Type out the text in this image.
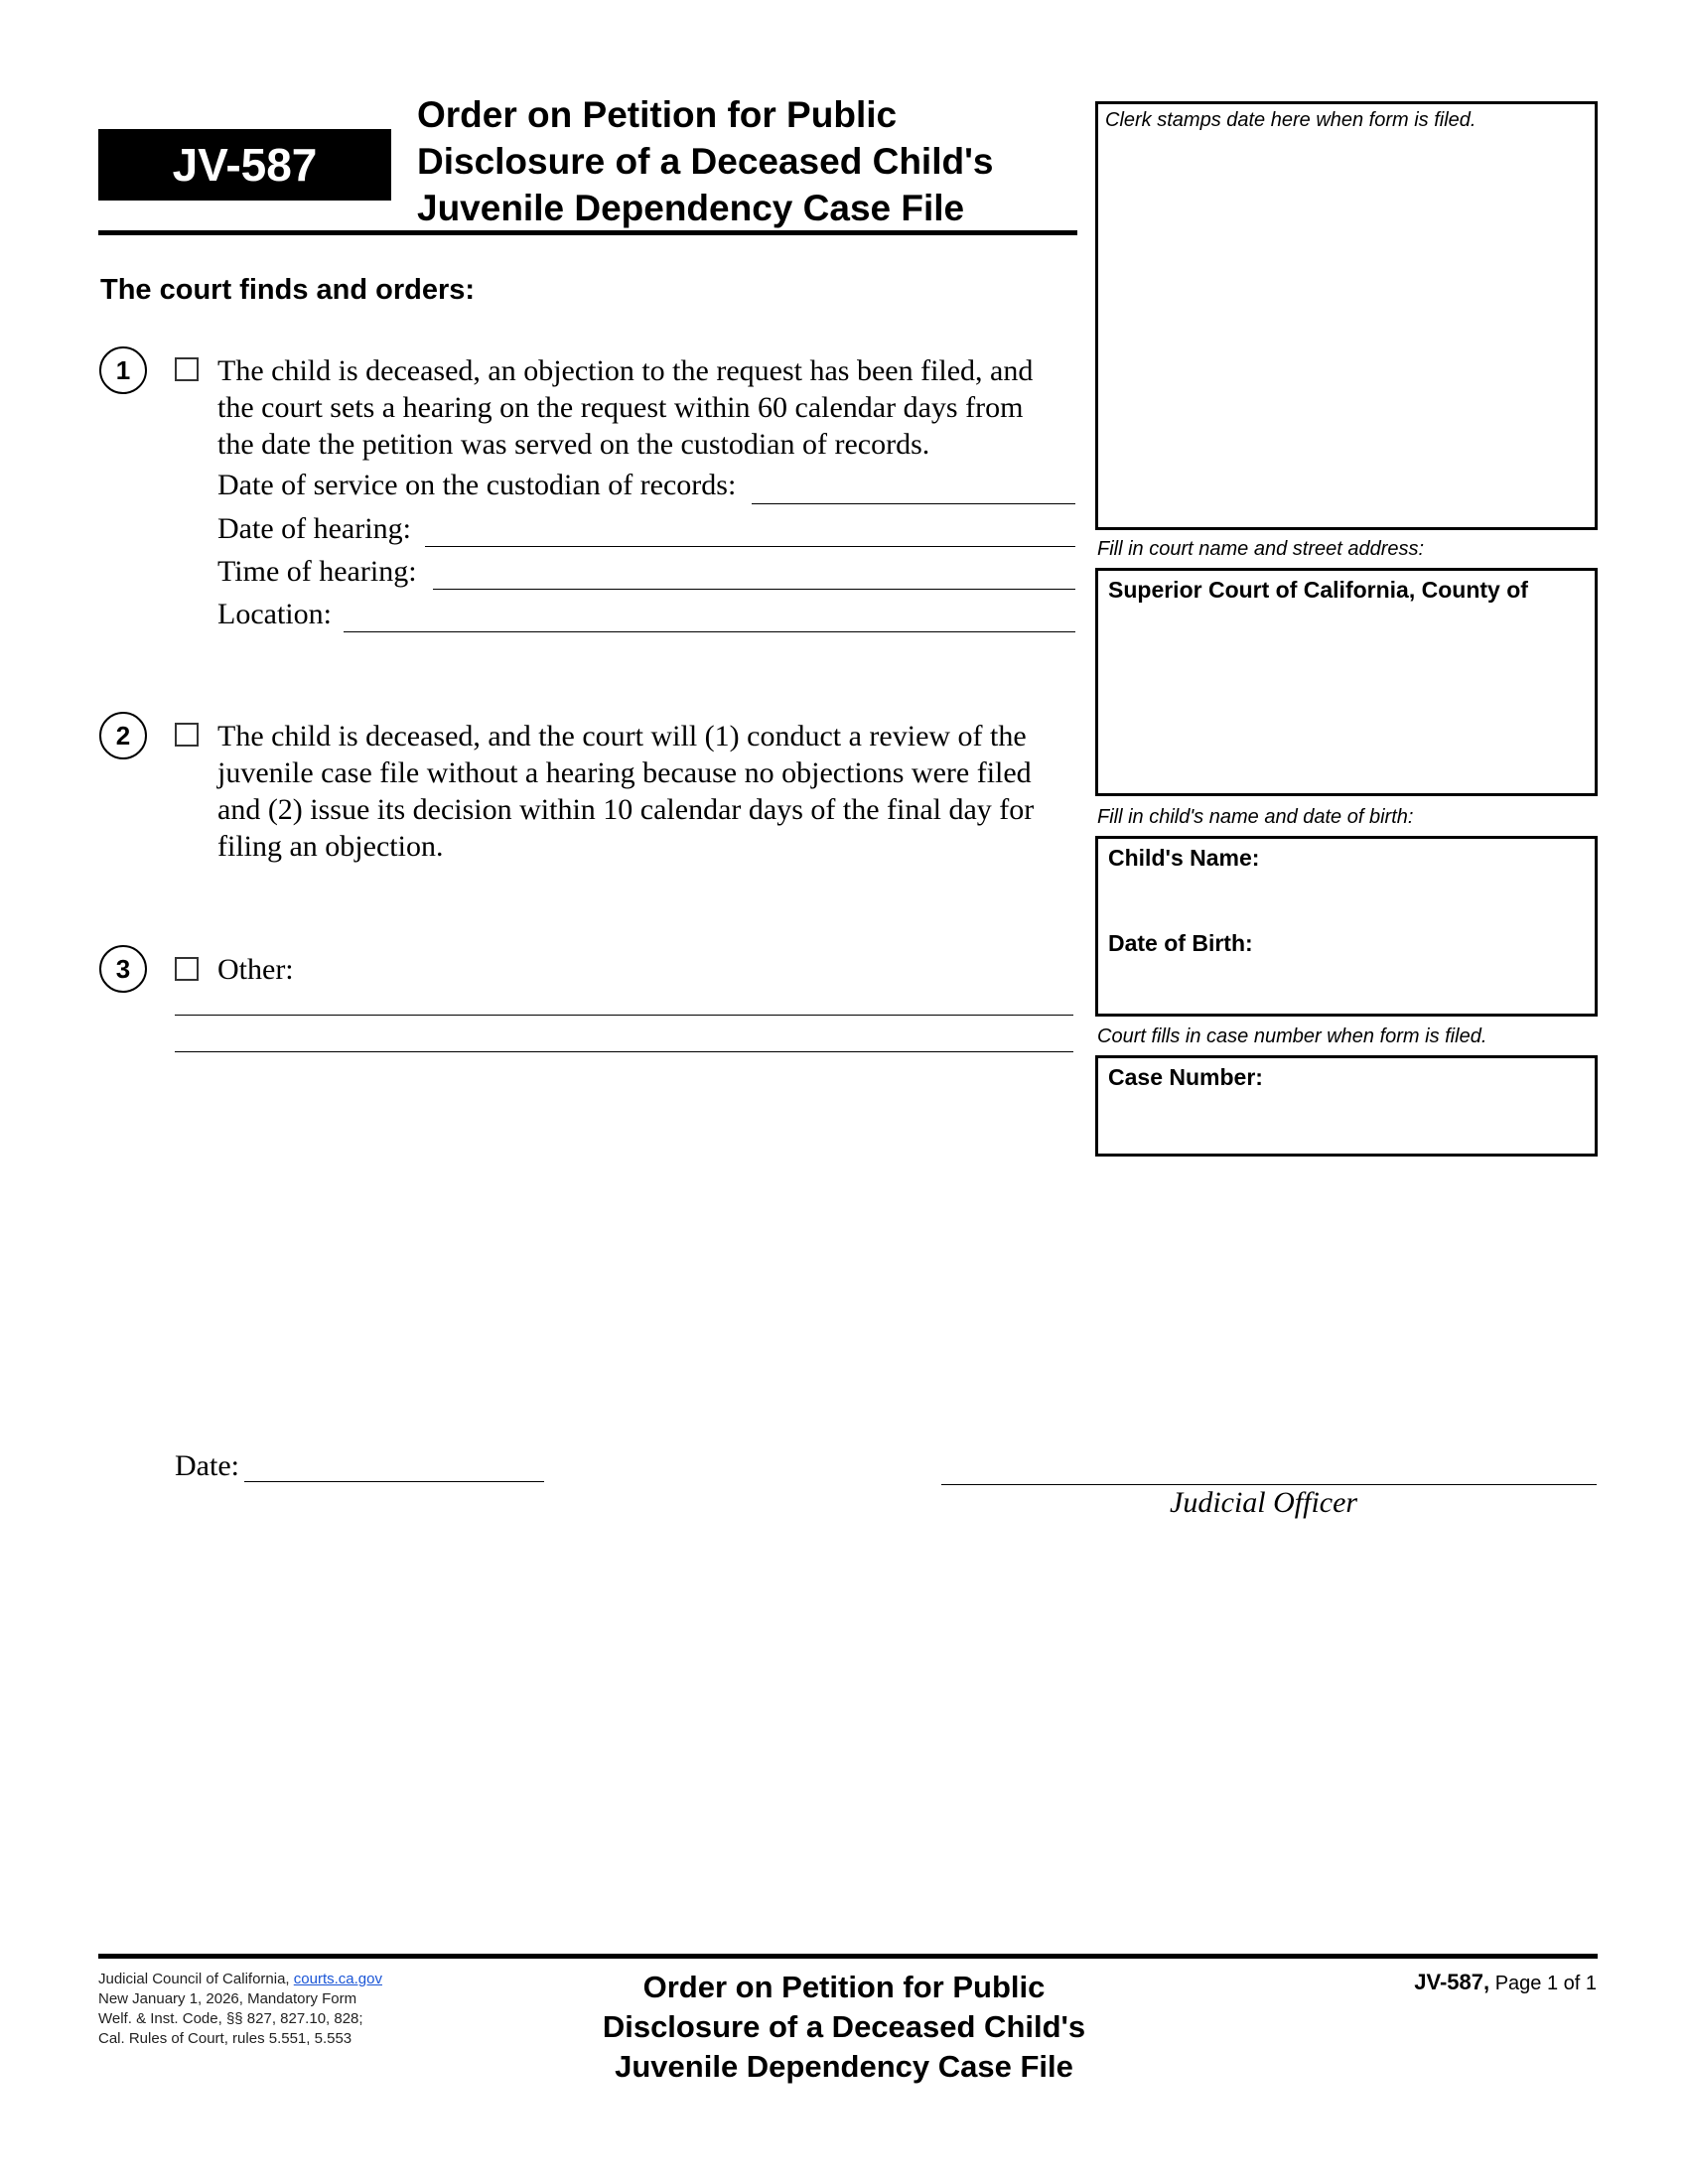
JV-587
Order on Petition for Public
Disclosure of a Deceased Child's
Juvenile Dependency Case File
Clerk stamps date here when form is filed.
Fill in court name and street address:
Superior Court of California, County of
Fill in child's name and date of birth:
Child's Name:
Date of Birth:
Court fills in case number when form is filed.
Case Number:
The court finds and orders:
1	The child is deceased, an objection to the request has been filed, and
the court sets a hearing on the request within 60 calendar days from
the date the petition was served on the custodian of records.
Date of service on the custodian of records:
Date of hearing:
Time of hearing:
Location:
2	The child is deceased, and the court will (1) conduct a review of the
juvenile case file without a hearing because no objections were filed
and (2) issue its decision within 10 calendar days of the final day for
filing an objection.
3	Other:
Date:
Judicial Officer
Judicial Council of California, courts.ca.gov
New January 1, 2026, Mandatory Form
Welf. & Inst. Code, §§ 827, 827.10, 828;
Cal. Rules of Court, rules 5.551, 5.553
Order on Petition for Public
Disclosure of a Deceased Child's
Juvenile Dependency Case File
JV-587, Page 1 of 1
